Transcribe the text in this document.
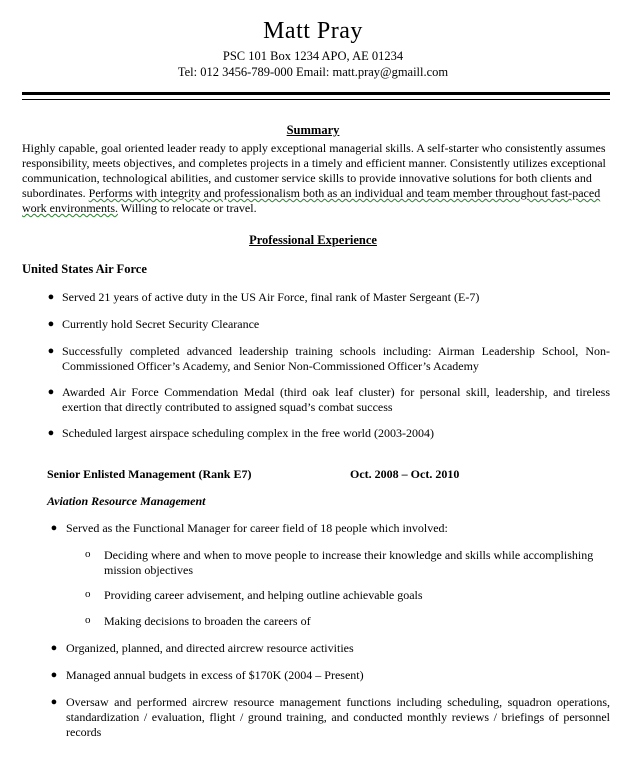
Matt Pray
PSC 101 Box 1234 APO, AE 01234
Tel: 012 3456-789-000 Email: matt.pray@gmaill.com
Summary
Highly capable, goal oriented leader ready to apply exceptional managerial skills. A self-starter who consistently assumes responsibility, meets objectives, and completes projects in a timely and efficient manner. Consistently utilizes exceptional communication, technological abilities, and customer service skills to provide innovative solutions for both clients and subordinates. Performs with integrity and professionalism both as an individual and team member throughout fast-paced work environments. Willing to relocate or travel.
Professional Experience
United States Air Force
● Served 21 years of active duty in the US Air Force, final rank of Master Sergeant (E-7)
● Currently hold Secret Security Clearance
● Successfully completed advanced leadership training schools including: Airman Leadership School, Non-Commissioned Officer’s Academy, and Senior Non-Commissioned Officer’s Academy
● Awarded Air Force Commendation Medal (third oak leaf cluster) for personal skill, leadership, and tireless exertion that directly contributed to assigned squad’s combat success
● Scheduled largest airspace scheduling complex in the free world (2003-2004)
Senior Enlisted Management (Rank E7)	Oct. 2008 – Oct. 2010
Aviation Resource Management
● Served as the Functional Manager for career field of 18 people which involved:
o	Deciding where and when to move people to increase their knowledge and skills while accomplishing mission objectives
o	Providing career advisement, and helping outline achievable goals
o	Making decisions to broaden the careers of
● Organized, planned, and directed aircrew resource activities
● Managed annual budgets in excess of $170K (2004 – Present)
● Oversaw and performed aircrew resource management functions including scheduling, squadron operations, standardization / evaluation, flight / ground training, and conducted monthly reviews / briefings of personnel records
